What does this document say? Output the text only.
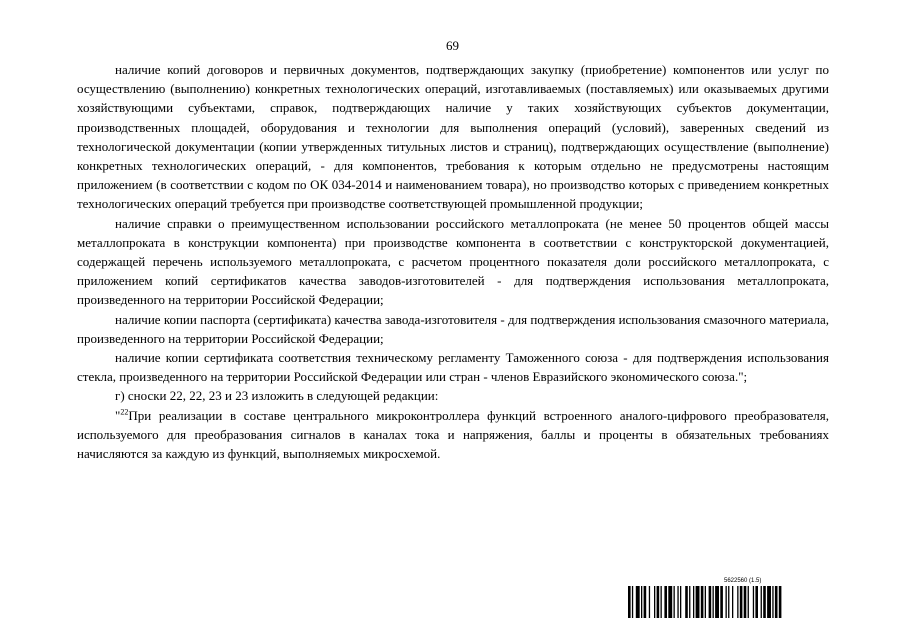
69

наличие копий договоров и первичных документов, подтверждающих закупку (приобретение) компонентов или услуг по осуществлению (выполнению) конкретных технологических операций, изготавливаемых (поставляемых) или оказываемых другими хозяйствующими субъектами, справок, подтверждающих наличие у таких хозяйствующих субъектов документации, производственных площадей, оборудования и технологии для выполнения операций (условий), заверенных сведений из технологической документации (копии утвержденных титульных листов и страниц), подтверждающих осуществление (выполнение) конкретных технологических операций, - для компонентов, требования к которым отдельно не предусмотрены настоящим приложением (в соответствии с кодом по ОК 034-2014 и наименованием товара), но производство которых с приведением конкретных технологических операций требуется при производстве соответствующей промышленной продукции;

наличие справки о преимущественном использовании российского металлопроката (не менее 50 процентов общей массы металлопроката в конструкции компонента) при производстве компонента в соответствии с конструкторской документацией, содержащей перечень используемого металлопроката, с расчетом процентного показателя доли российского металлопроката, с приложением копий сертификатов качества заводов-изготовителей - для подтверждения использования металлопроката, произведенного на территории Российской Федерации;

наличие копии паспорта (сертификата) качества завода-изготовителя - для подтверждения использования смазочного материала, произведенного на территории Российской Федерации;

наличие копии сертификата соответствия техническому регламенту Таможенного союза - для подтверждения использования стекла, произведенного на территории Российской Федерации или стран - членов Евразийского экономического союза.";

г) сноски 22, 22, 23 и 23 изложить в следующей редакции:

"$^{22}$При реализации в составе центрального микроконтроллера функций встроенного аналого-цифрового преобразователя, используемого для преобразования сигналов в каналах тока и напряжения, баллы и проценты в обязательных требованиях начисляются за каждую из функций, выполняемых микросхемой.

5622560 (1.5)
